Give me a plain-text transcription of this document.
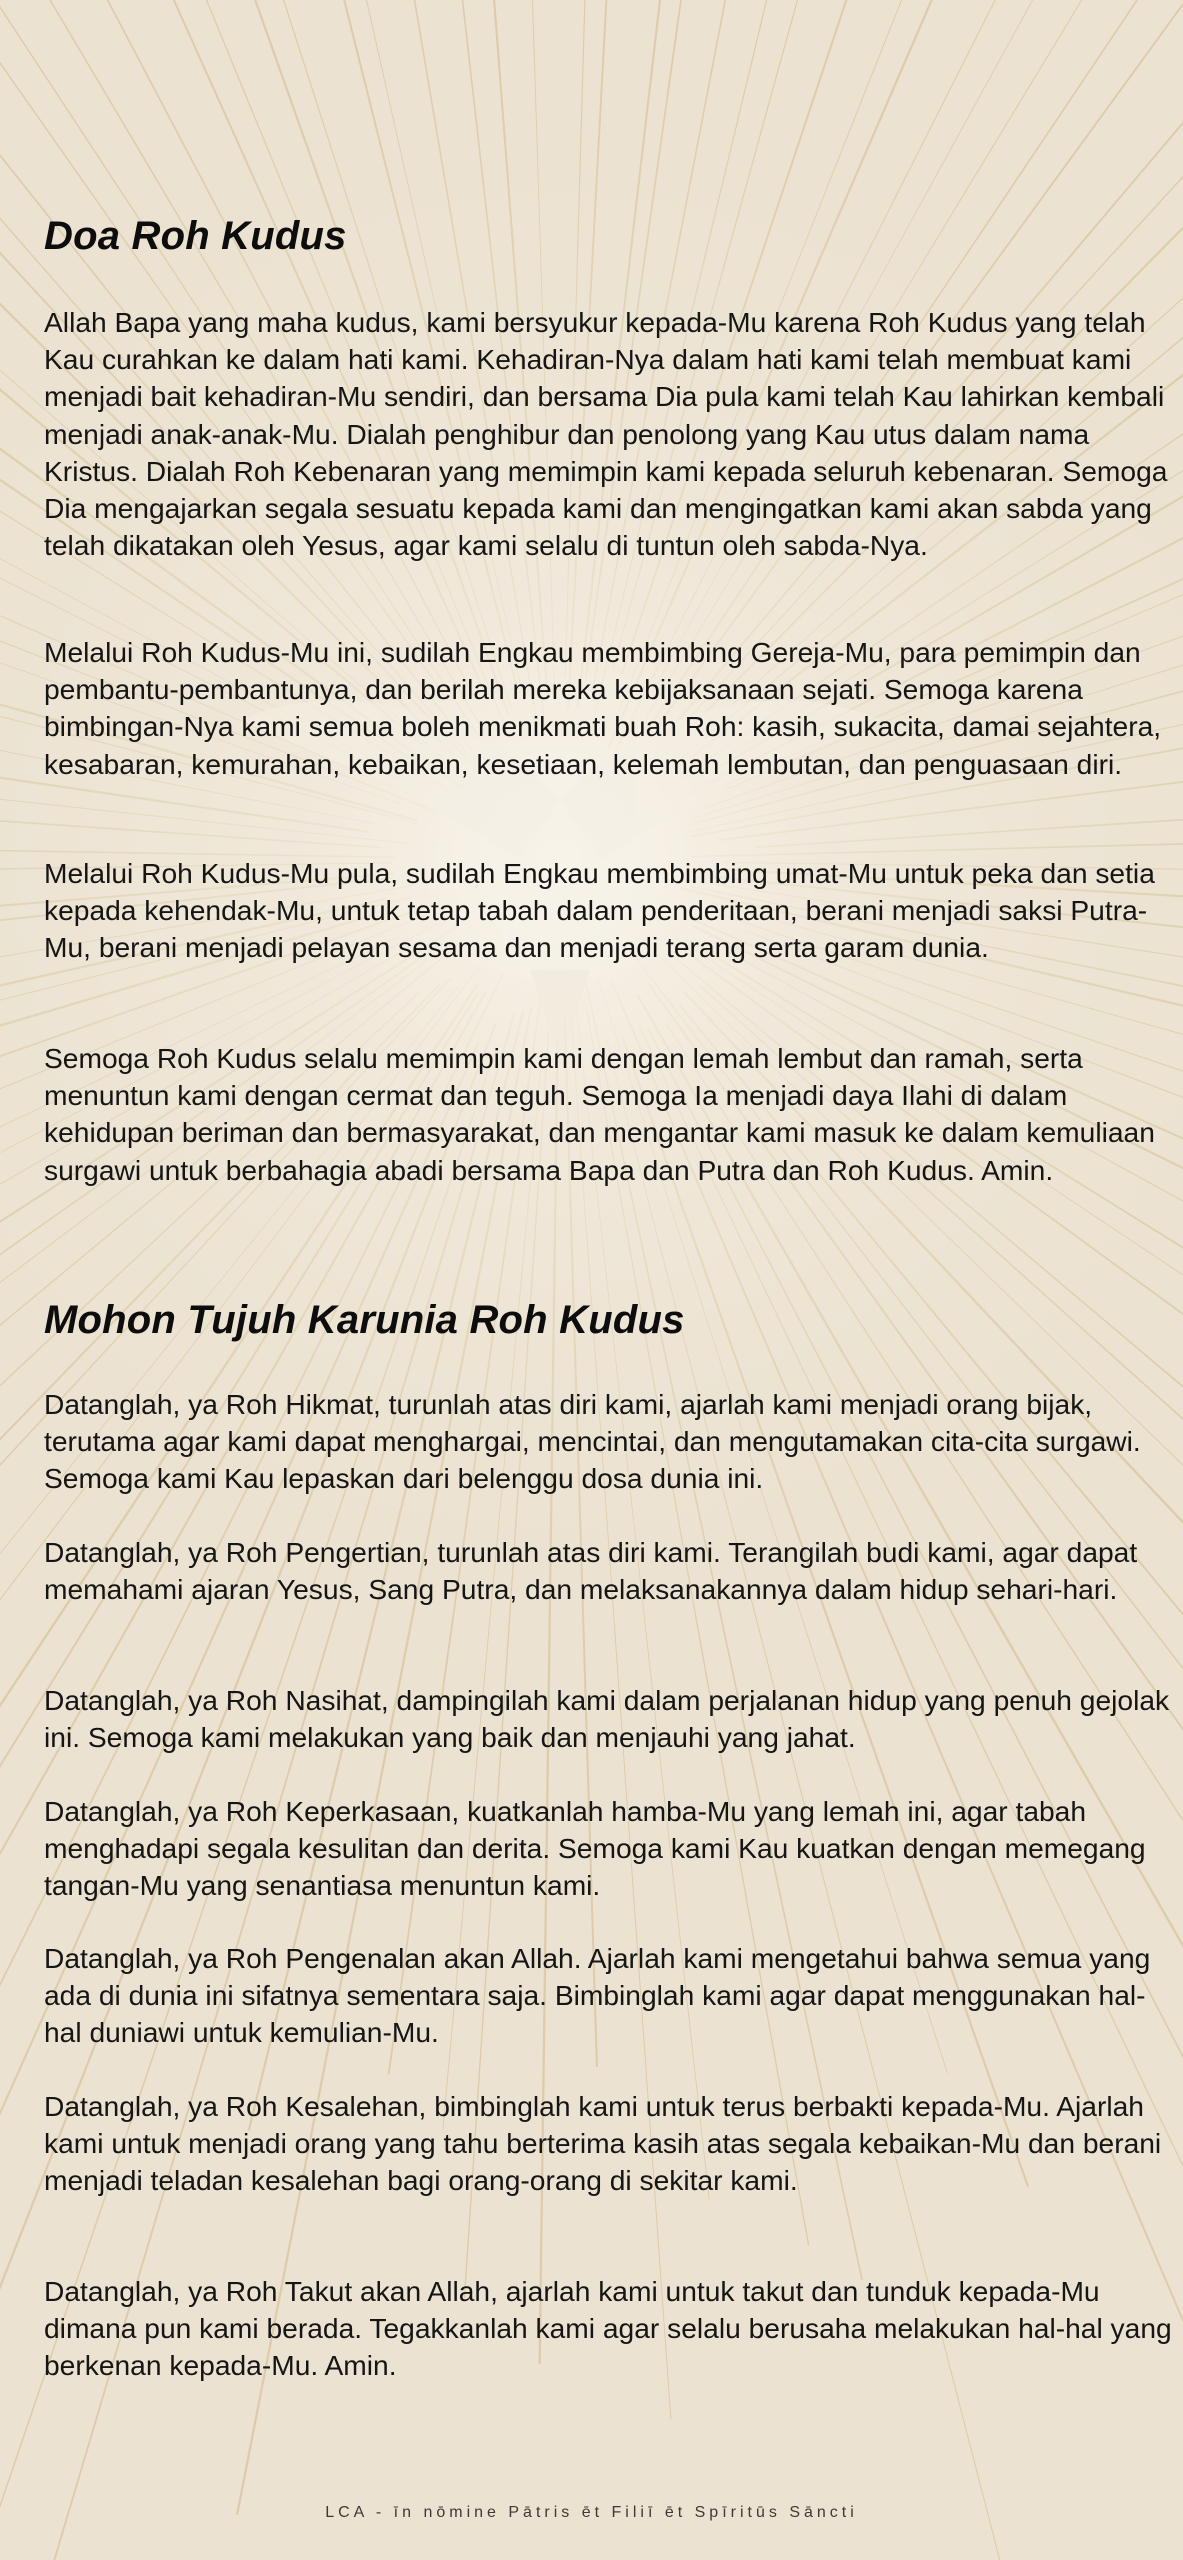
Doa Roh Kudus

Allah Bapa yang maha kudus, kami bersyukur kepada-Mu karena Roh Kudus yang telah Kau curahkan ke dalam hati kami. Kehadiran-Nya dalam hati kami telah membuat kami menjadi bait kehadiran-Mu sendiri, dan bersama Dia pula kami telah Kau lahirkan kembali menjadi anak-anak-Mu. Dialah penghibur dan penolong yang Kau utus dalam nama Kristus. Dialah Roh Kebenaran yang memimpin kami kepada seluruh kebenaran. Semoga Dia mengajarkan segala sesuatu kepada kami dan mengingatkan kami akan sabda yang telah dikatakan oleh Yesus, agar kami selalu di tuntun oleh sabda-Nya.

Melalui Roh Kudus-Mu ini, sudilah Engkau membimbing Gereja-Mu, para pemimpin dan pembantu-pembantunya, dan berilah mereka kebijaksanaan sejati. Semoga karena bimbingan-Nya kami semua boleh menikmati buah Roh: kasih, sukacita, damai sejahtera, kesabaran, kemurahan, kebaikan, kesetiaan, kelemah lembutan, dan penguasaan diri.

Melalui Roh Kudus-Mu pula, sudilah Engkau membimbing umat-Mu untuk peka dan setia kepada kehendak-Mu, untuk tetap tabah dalam penderitaan, berani menjadi saksi Putra-Mu, berani menjadi pelayan sesama dan menjadi terang serta garam dunia.

Semoga Roh Kudus selalu memimpin kami dengan lemah lembut dan ramah, serta menuntun kami dengan cermat dan teguh. Semoga Ia menjadi daya Ilahi di dalam kehidupan beriman dan bermasyarakat, dan mengantar kami masuk ke dalam kemuliaan surgawi untuk berbahagia abadi bersama Bapa dan Putra dan Roh Kudus. Amin.

Mohon Tujuh Karunia Roh Kudus

Datanglah, ya Roh Hikmat, turunlah atas diri kami, ajarlah kami menjadi orang bijak, terutama agar kami dapat menghargai, mencintai, dan mengutamakan cita-cita surgawi. Semoga kami Kau lepaskan dari belenggu dosa dunia ini.

Datanglah, ya Roh Pengertian, turunlah atas diri kami. Terangilah budi kami, agar dapat memahami ajaran Yesus, Sang Putra, dan melaksanakannya dalam hidup sehari-hari.

Datanglah, ya Roh Nasihat, dampingilah kami dalam perjalanan hidup yang penuh gejolak ini. Semoga kami melakukan yang baik dan menjauhi yang jahat.

Datanglah, ya Roh Keperkasaan, kuatkanlah hamba-Mu yang lemah ini, agar tabah menghadapi segala kesulitan dan derita. Semoga kami Kau kuatkan dengan memegang tangan-Mu yang senantiasa menuntun kami.

Datanglah, ya Roh Pengenalan akan Allah. Ajarlah kami mengetahui bahwa semua yang ada di dunia ini sifatnya sementara saja. Bimbinglah kami agar dapat menggunakan hal-hal duniawi untuk kemulian-Mu.

Datanglah, ya Roh Kesalehan, bimbinglah kami untuk terus berbakti kepada-Mu. Ajarlah kami untuk menjadi orang yang tahu berterima kasih atas segala kebaikan-Mu dan berani menjadi teladan kesalehan bagi orang-orang di sekitar kami.

Datanglah, ya Roh Takut akan Allah, ajarlah kami untuk takut dan tunduk kepada-Mu dimana pun kami berada. Tegakkanlah kami agar selalu berusaha melakukan hal-hal yang berkenan kepada-Mu. Amin.

LCA - īn nōmine Pātris ēt Filiī ēt Spīritūs Sāncti
